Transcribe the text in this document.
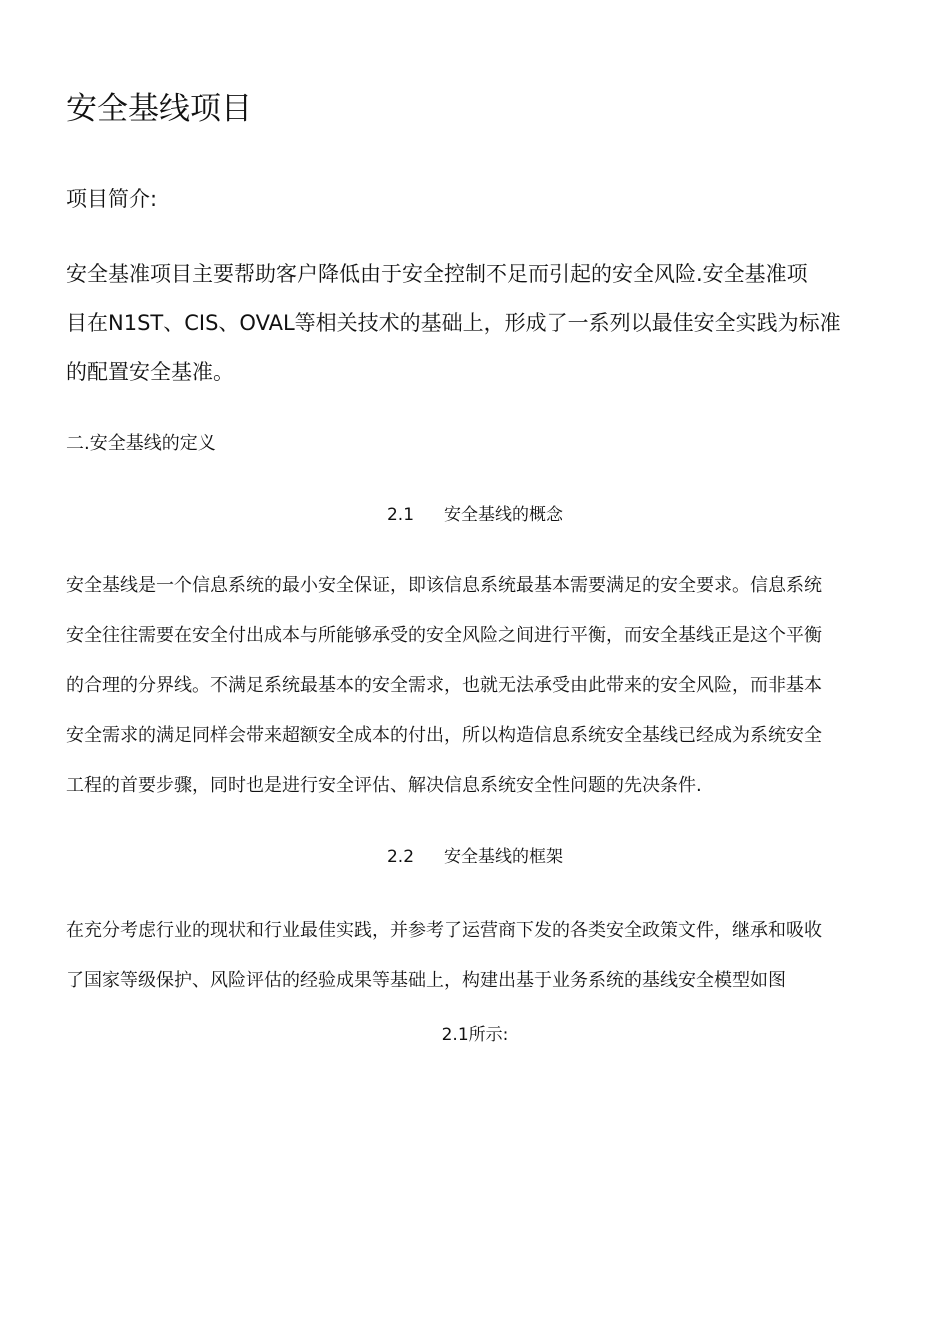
安全基线项目

项目简介:

安全基准项目主要帮助客户降低由于安全控制不足而引起的安全风险.安全基准项
目在N1ST、CIS、OVAL等相关技术的基础上，形成了一系列以最佳安全实践为标准
的配置安全基准。

二.安全基线的定义
2.1 安全基线的概念

安全基线是一个信息系统的最小安全保证，即该信息系统最基本需要满足的安全要求。信息系统
安全往往需要在安全付出成本与所能够承受的安全风险之间进行平衡，而安全基线正是这个平衡
的合理的分界线。不满足系统最基本的安全需求，也就无法承受由此带来的安全风险，而非基本
安全需求的满足同样会带来超额安全成本的付出，所以构造信息系统安全基线已经成为系统安全
工程的首要步骤，同时也是进行安全评估、解决信息系统安全性问题的先决条件.

2.2 安全基线的框架

在充分考虑行业的现状和行业最佳实践，并参考了运营商下发的各类安全政策文件，继承和吸收
了国家等级保护、风险评估的经验成果等基础上，构建出基于业务系统的基线安全模型如图

2.1所示:
